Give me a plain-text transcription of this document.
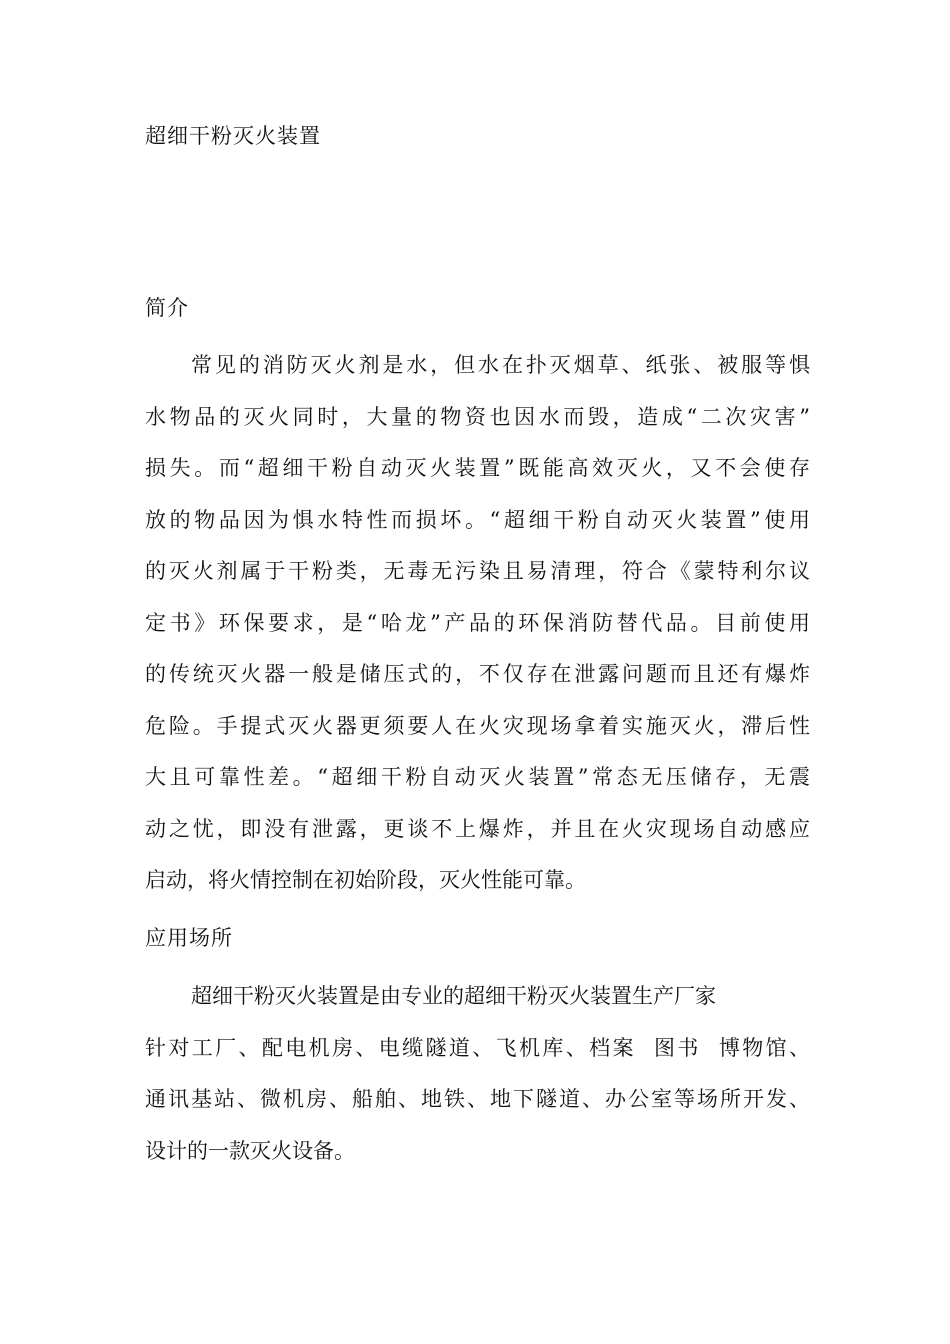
超细干粉灭火装置
简介
常见的消防灭火剂是水，但水在扑灭烟草、纸张、被服等惧
水物品的灭火同时，大量的物资也因水而毁，造成“二次灾害”
损失。而“超细干粉自动灭火装置”既能高效灭火，又不会使存
放的物品因为惧水特性而损坏。“超细干粉自动灭火装置”使用
的灭火剂属于干粉类，无毒无污染且易清理，符合《蒙特利尔议
定书》环保要求，是“哈龙”产品的环保消防替代品。目前使用
的传统灭火器一般是储压式的，不仅存在泄露问题而且还有爆炸
危险。手提式灭火器更须要人在火灾现场拿着实施灭火，滞后性
大且可靠性差。“超细干粉自动灭火装置”常态无压储存，无震
动之忧，即没有泄露，更谈不上爆炸，并且在火灾现场自动感应
启动，将火情控制在初始阶段，灭火性能可靠。
应用场所
超细干粉灭火装置是由专业的超细干粉灭火装置生产厂家
针对工厂、配电机房、电缆隧道、飞机库、档案  图书  博物馆、
通讯基站、微机房、船舶、地铁、地下隧道、办公室等场所开发、
设计的一款灭火设备。
